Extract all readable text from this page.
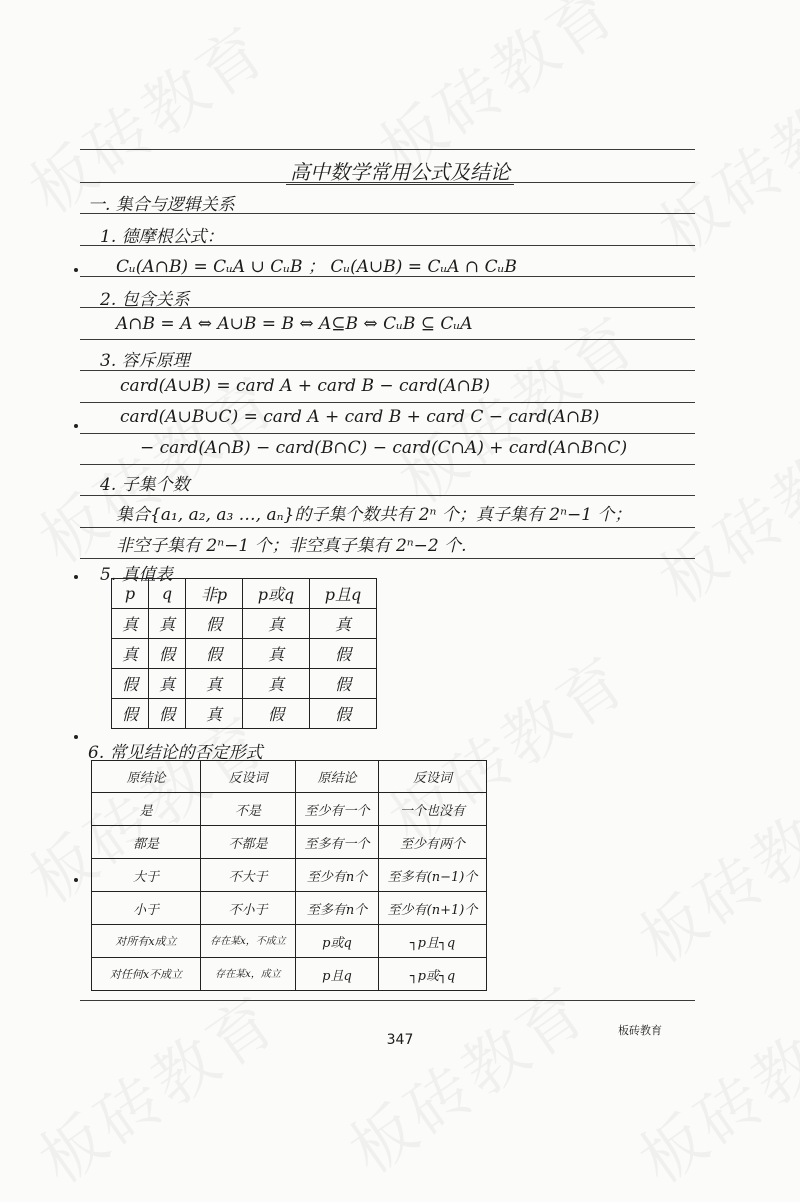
高中数学常用公式及结论
一. 集合与逻辑关系
1. 德摩根公式：
Cᵤ(A∩B) = CᵤA ∪ CᵤB ； Cᵤ(A∪B) = CᵤA ∩ CᵤB
2. 包含关系
A∩B = A ⇔ A∪B = B ⇔ A⊆B ⇔ CᵤB ⊆ CᵤA
3. 容斥原理
card(A∪B) = card A + card B − card(A∩B)
card(A∪B∪C) = card A + card B + card C − card(A∩B)
− card(A∩B) − card(B∩C) − card(C∩A) + card(A∩B∩C)
4. 子集个数
集合{a₁, a₂, a₃ …, aₙ}的子集个数共有 2ⁿ 个；真子集有 2ⁿ−1 个；
非空子集有 2ⁿ−1 个；非空真子集有 2ⁿ−2 个.
5. 真值表
p	q	非p	p或q	p且q
真	真	假	真	真
真	假	假	真	假
假	真	真	真	假
假	假	真	假	假
6. 常见结论的否定形式
原结论	反设词	原结论	反设词
是	不是	至少有一个	一个也没有
都是	不都是	至多有一个	至少有两个
大于	不大于	至少有n个	至多有(n−1)个
小于	不小于	至多有n个	至少有(n+1)个
对所有x成立	存在某x，不成立	p或q	┐p且┐q
对任何x不成立	存在某x，成立	p且q	┐p或┐q
347
板砖教育
